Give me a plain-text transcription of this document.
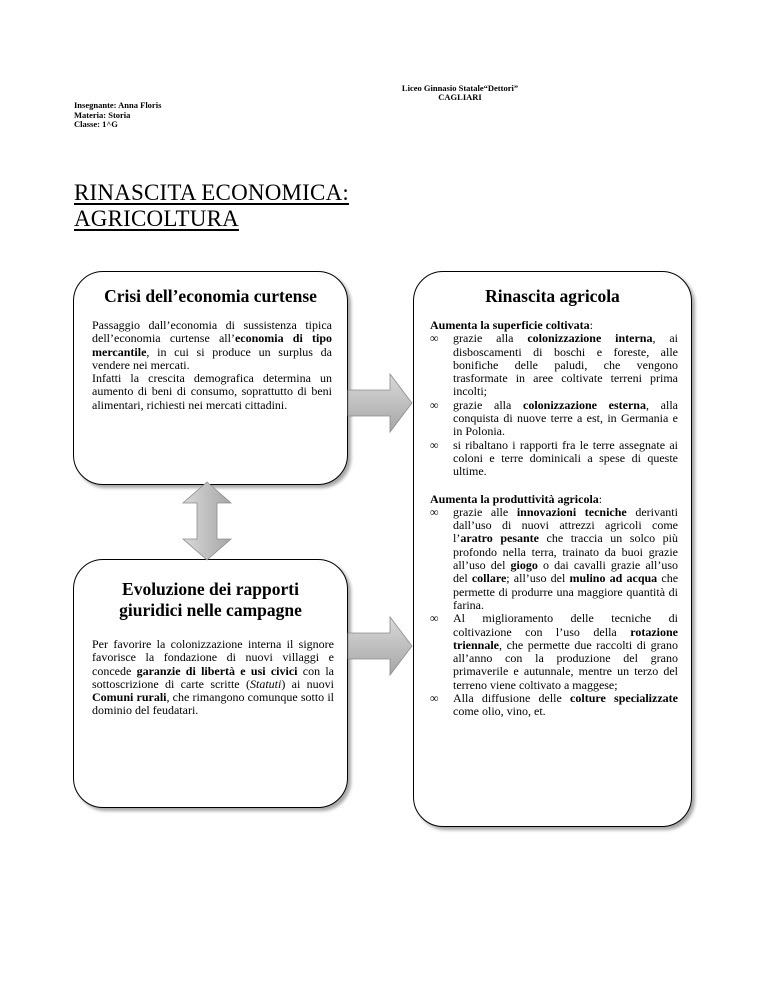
Liceo Ginnasio Statale“Dettori”
CAGLIARI
Insegnante: Anna Floris
Materia: Storia
Classe: 1^G
RINASCITA ECONOMICA:
AGRICOLTURA
Crisi dell’economia curtense
Passaggio dall’economia di sussistenza tipica dell’economia curtense all’economia di tipo mercantile, in cui si produce un surplus da vendere nei mercati.
Infatti la crescita demografica determina un aumento di beni di consumo, soprattutto di beni alimentari, richiesti nei mercati cittadini.
Evoluzione dei rapporti
giuridici nelle campagne
Per favorire la colonizzazione interna il signore favorisce la fondazione di nuovi villaggi e concede garanzie di libertà e usi civici con la sottoscrizione di carte scritte (Statuti) ai nuovi Comuni rurali, che rimangono comunque sotto il dominio del feudatari.
Rinascita agricola
Aumenta la superficie coltivata:
∞ grazie alla colonizzazione interna, ai disboscamenti di boschi e foreste, alle bonifiche delle paludi, che vengono trasformate in aree coltivate terreni prima incolti;
∞ grazie alla colonizzazione esterna, alla conquista di nuove terre a est, in Germania e in Polonia.
∞ si ribaltano i rapporti fra le terre assegnate ai coloni e terre dominicali a spese di queste ultime.
Aumenta la produttività agricola:
∞ grazie alle innovazioni tecniche derivanti dall’uso di nuovi attrezzi agricoli come l’aratro pesante che traccia un solco più profondo nella terra, trainato da buoi grazie all’uso del giogo o dai cavalli grazie all’uso del collare; all’uso del mulino ad acqua che permette di produrre una maggiore quantità di farina.
∞ Al miglioramento delle tecniche di coltivazione con l’uso della rotazione triennale, che permette due raccolti di grano all’anno con la produzione del grano primaverile e autunnale, mentre un terzo del terreno viene coltivato a maggese;
∞ Alla diffusione delle colture specializzate come olio, vino, et.
